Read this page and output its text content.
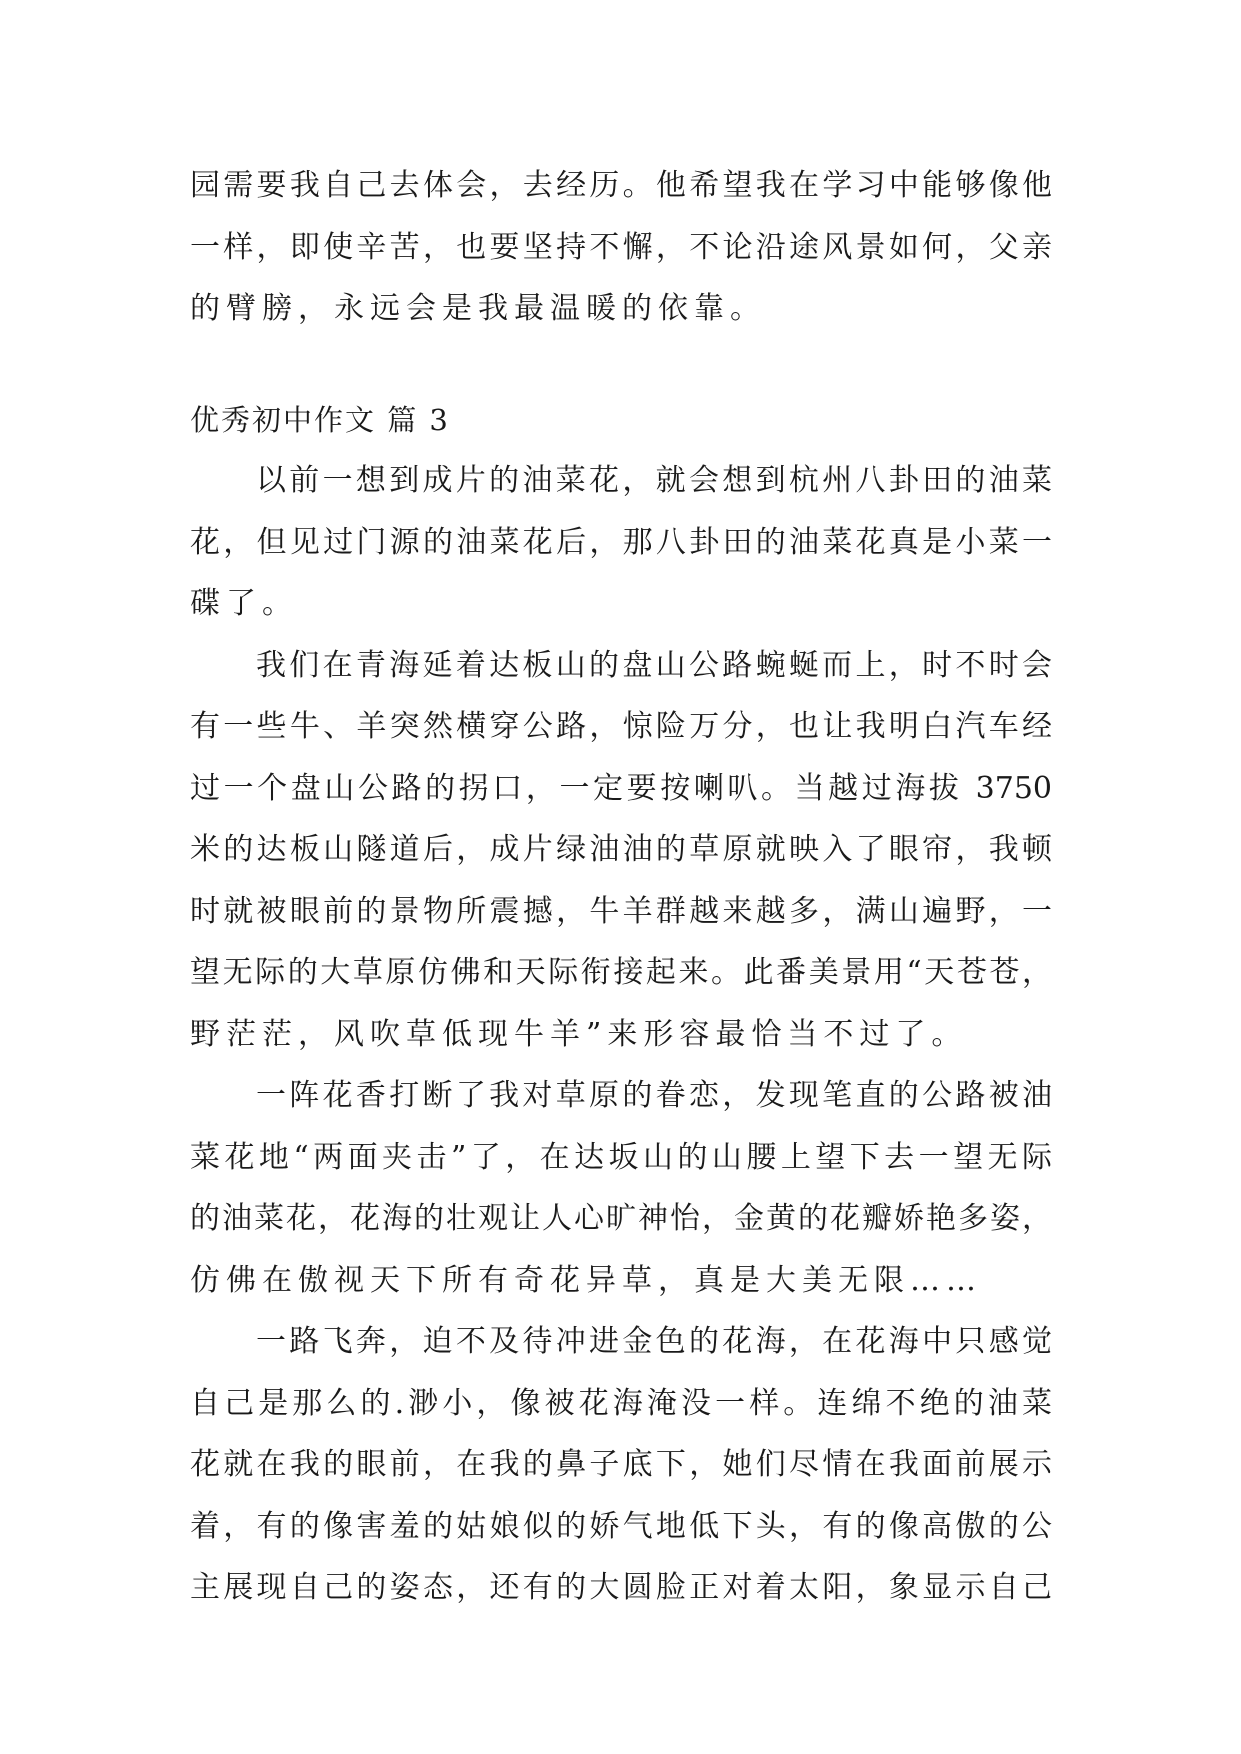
园需要我自己去体会，去经历。他希望我在学习中能够像他
一样，即使辛苦，也要坚持不懈，不论沿途风景如何，父亲
的臂膀，永远会是我最温暖的依靠。
优秀初中作文 篇 3
以前一想到成片的油菜花，就会想到杭州八卦田的油菜
花，但见过门源的油菜花后，那八卦田的油菜花真是小菜一
碟了。
我们在青海延着达板山的盘山公路蜿蜒而上，时不时会
有一些牛、羊突然横穿公路，惊险万分，也让我明白汽车经
过一个盘山公路的拐口，一定要按喇叭。当越过海拔 3750
米的达板山隧道后，成片绿油油的草原就映入了眼帘，我顿
时就被眼前的景物所震撼，牛羊群越来越多，满山遍野，一
望无际的大草原仿佛和天际衔接起来。此番美景用“天苍苍，
野茫茫，风吹草低现牛羊”来形容最恰当不过了。
一阵花香打断了我对草原的眷恋，发现笔直的公路被油
菜花地“两面夹击”了，在达坂山的山腰上望下去一望无际
的油菜花，花海的壮观让人心旷神怡，金黄的花瓣娇艳多姿，
仿佛在傲视天下所有奇花异草，真是大美无限……
一路飞奔，迫不及待冲进金色的花海，在花海中只感觉
自己是那么的.渺小，像被花海淹没一样。连绵不绝的油菜
花就在我的眼前，在我的鼻子底下，她们尽情在我面前展示
着，有的像害羞的姑娘似的娇气地低下头，有的像高傲的公
主展现自己的姿态，还有的大圆脸正对着太阳，象显示自己
